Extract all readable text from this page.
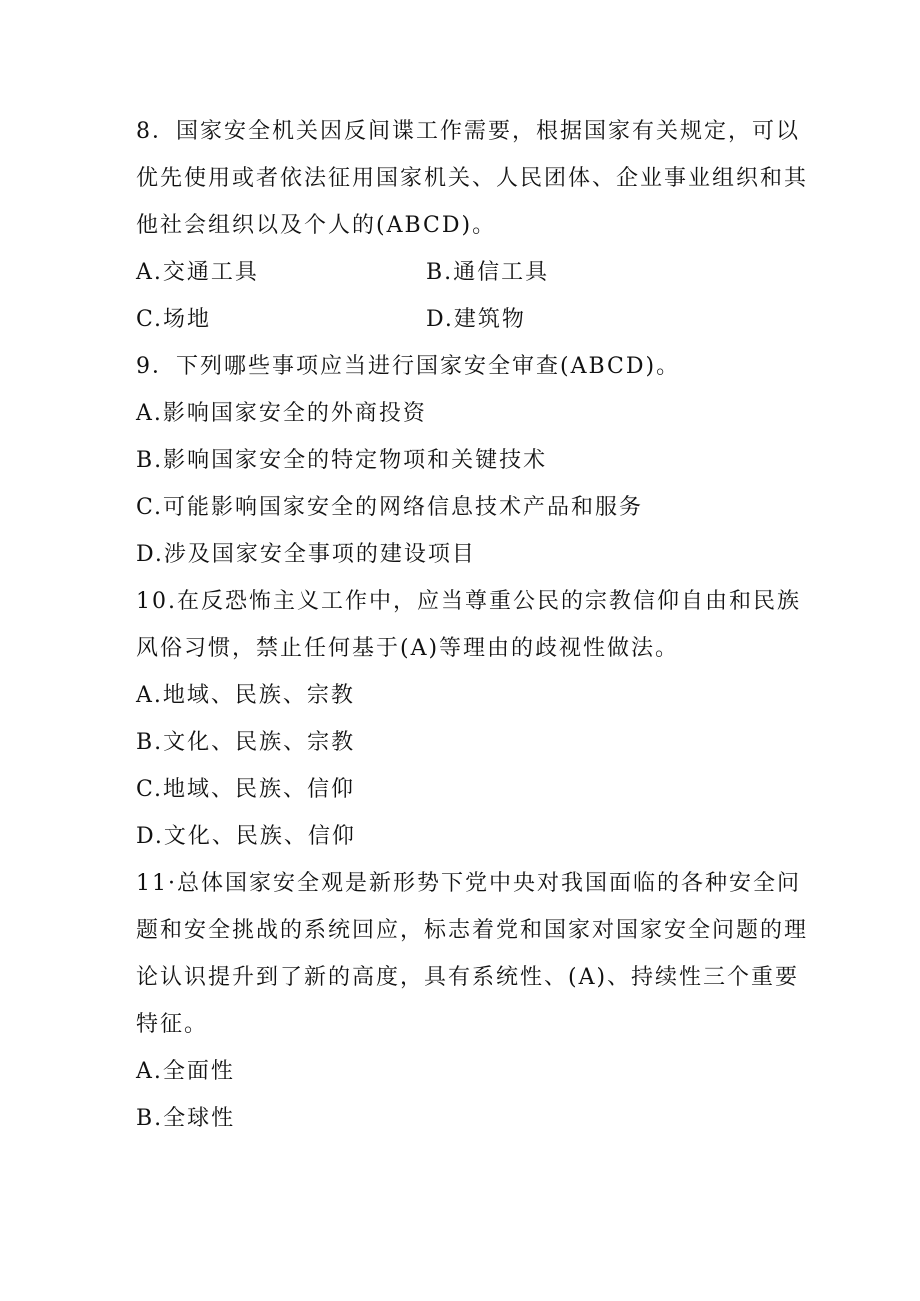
8．国家安全机关因反间谍工作需要，根据国家有关规定，可以
优先使用或者依法征用国家机关、人民团体、企业事业组织和其
他社会组织以及个人的(ABCD)。
A.交通工具	B.通信工具
C.场地	D.建筑物
9．下列哪些事项应当进行国家安全审查(ABCD)。
A.影响国家安全的外商投资
B.影响国家安全的特定物项和关键技术
C.可能影响国家安全的网络信息技术产品和服务
D.涉及国家安全事项的建设项目
10.在反恐怖主义工作中，应当尊重公民的宗教信仰自由和民族
风俗习惯，禁止任何基于(A)等理由的歧视性做法。
A.地域、民族、宗教
B.文化、民族、宗教
C.地域、民族、信仰
D.文化、民族、信仰
11·总体国家安全观是新形势下党中央对我国面临的各种安全问
题和安全挑战的系统回应，标志着党和国家对国家安全问题的理
论认识提升到了新的高度，具有系统性、(A)、持续性三个重要
特征。
A.全面性
B.全球性
